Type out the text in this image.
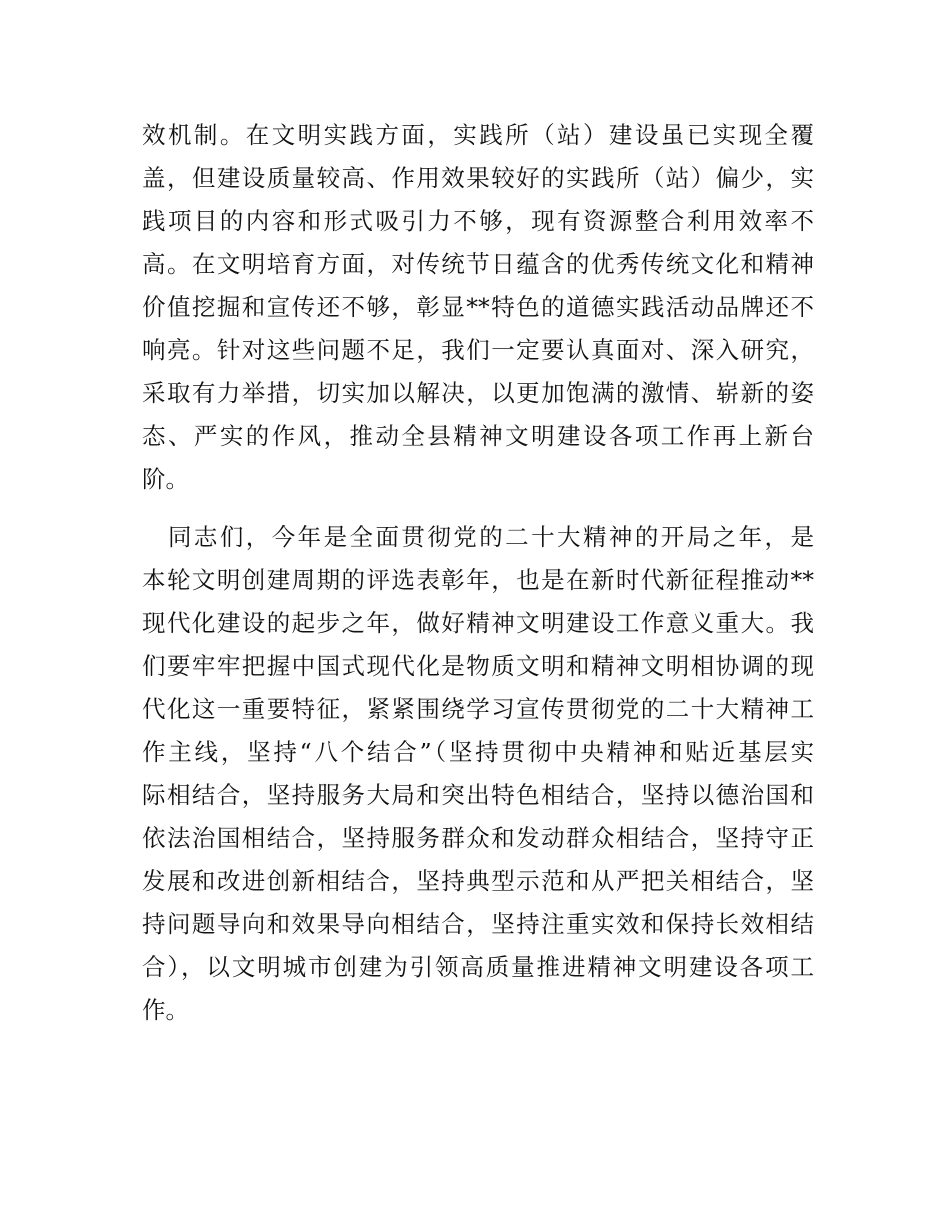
效机制。在文明实践方面，实践所（站）建设虽已实现全覆
盖，但建设质量较高、作用效果较好的实践所（站）偏少，实
践项目的内容和形式吸引力不够，现有资源整合利用效率不
高。在文明培育方面，对传统节日蕴含的优秀传统文化和精神
价值挖掘和宣传还不够，彰显**特色的道德实践活动品牌还不
响亮。针对这些问题不足，我们一定要认真面对、深入研究，
采取有力举措，切实加以解决，以更加饱满的激情、崭新的姿
态、严实的作风，推动全县精神文明建设各项工作再上新台
阶。
　同志们，今年是全面贯彻党的二十大精神的开局之年，是
本轮文明创建周期的评选表彰年，也是在新时代新征程推动**
现代化建设的起步之年，做好精神文明建设工作意义重大。我
们要牢牢把握中国式现代化是物质文明和精神文明相协调的现
代化这一重要特征，紧紧围绕学习宣传贯彻党的二十大精神工
作主线，坚持“八个结合”（坚持贯彻中央精神和贴近基层实
际相结合，坚持服务大局和突出特色相结合，坚持以德治国和
依法治国相结合，坚持服务群众和发动群众相结合，坚持守正
发展和改进创新相结合，坚持典型示范和从严把关相结合，坚
持问题导向和效果导向相结合，坚持注重实效和保持长效相结
合），以文明城市创建为引领高质量推进精神文明建设各项工
作。
